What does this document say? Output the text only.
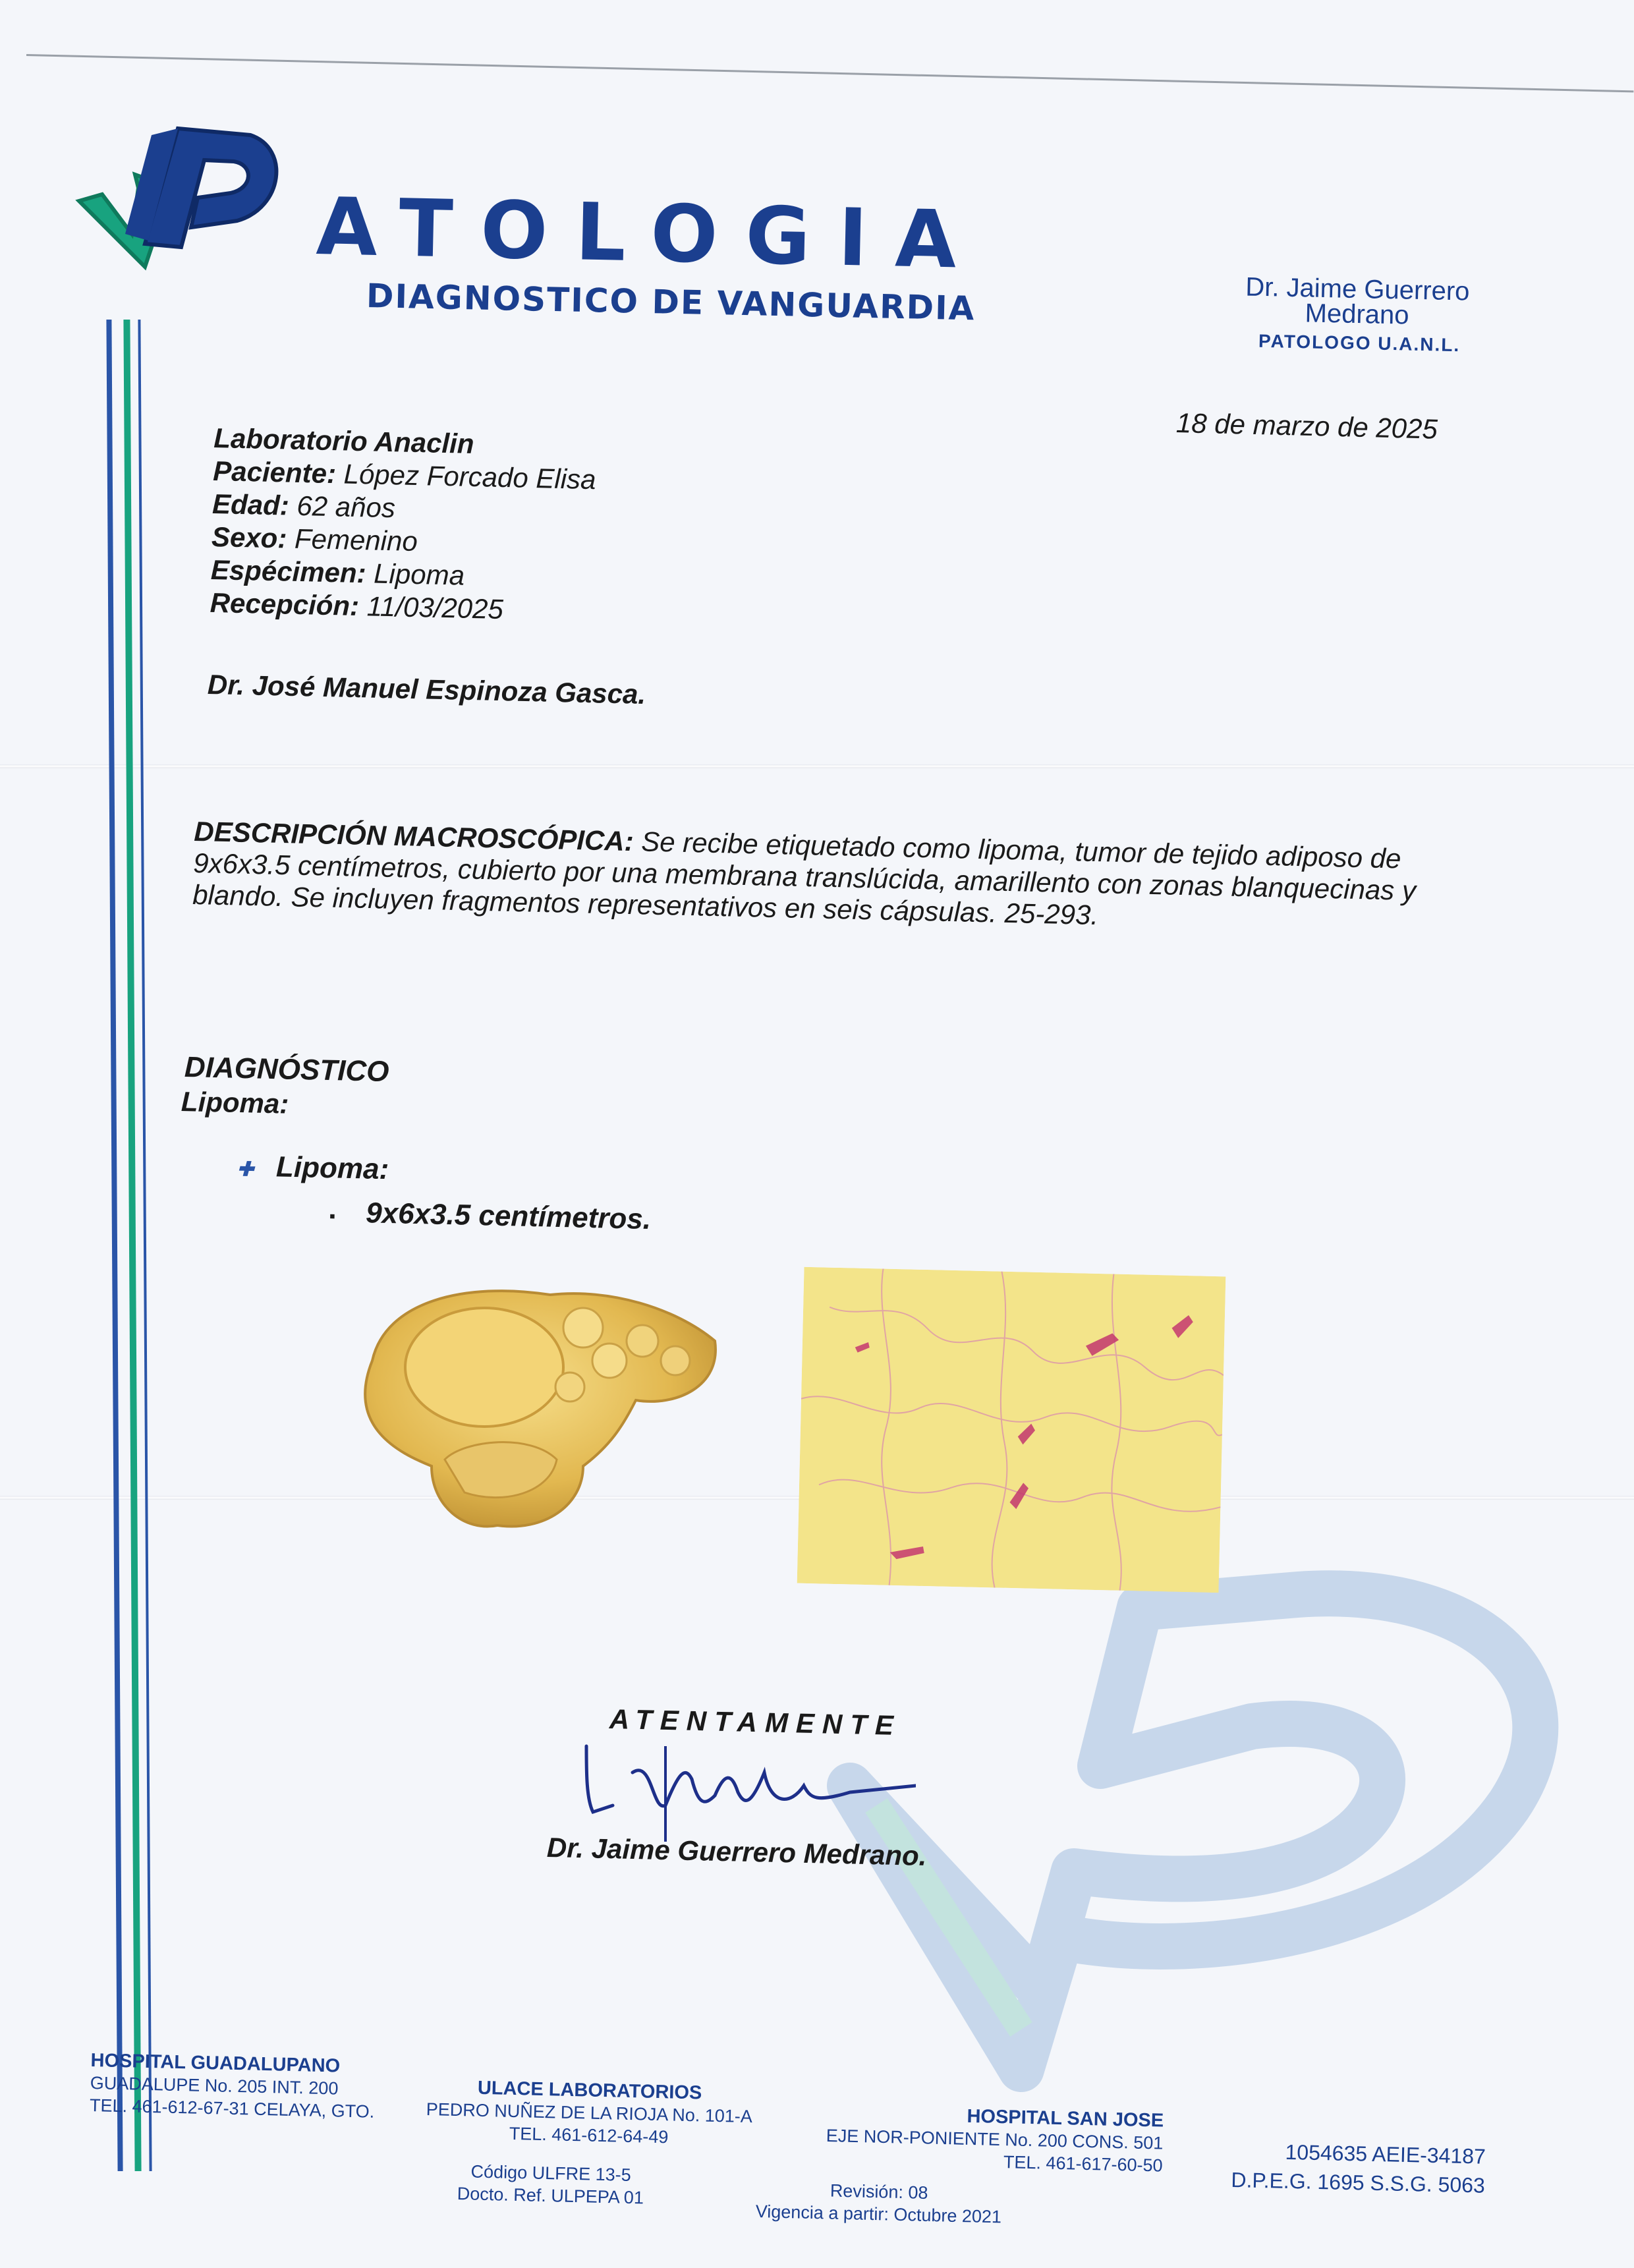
ATOLOGIA
DIAGNOSTICO DE VANGUARDIA	Dr. Jaime Guerrero Medrano
PATOLOGO U.A.N.L.
18 de marzo de 2025
Laboratorio Anaclin
Paciente: López Forcado Elisa
Edad: 62 años
Sexo: Femenino
Espécimen: Lipoma
Recepción: 11/03/2025
Dr. José Manuel Espinoza Gasca.
DESCRIPCIÓN MACROSCÓPICA: Se recibe etiquetado como lipoma, tumor de tejido adiposo de 9x6x3.5 centímetros, cubierto por una membrana translúcida, amarillento con zonas blanquecinas y blando. Se incluyen fragmentos representativos en seis cápsulas. 25-293.
DIAGNÓSTICO
Lipoma:
✚ Lipoma:
▪ 9x6x3.5 centímetros.
ATENTAMENTE
Dr. Jaime Guerrero Medrano.
HOSPITAL GUADALUPANO
GUADALUPE No. 205 INT. 200
TEL. 461-612-67-31 CELAYA, GTO.
ULACE LABORATORIOS
PEDRO NUÑEZ DE LA RIOJA No. 101-A
TEL. 461-612-64-49
HOSPITAL SAN JOSE
EJE NOR-PONIENTE No. 200 CONS. 501
TEL. 461-617-60-50	1054635 AEIE-34187
D.P.E.G. 1695 S.S.G. 5063
Código ULFRE 13-5
Docto. Ref. ULPEPA 01	Revisión: 08
Vigencia a partir: Octubre 2021
